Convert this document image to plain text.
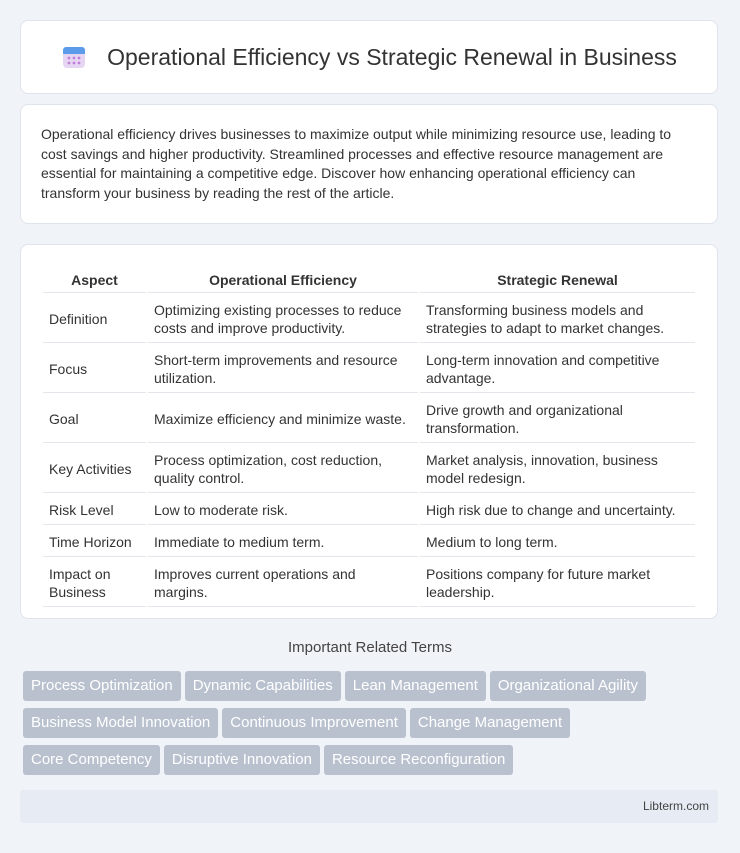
Operational Efficiency vs Strategic Renewal in Business

Operational efficiency drives businesses to maximize output while minimizing resource use, leading to cost savings and higher productivity. Streamlined processes and effective resource management are essential for maintaining a competitive edge. Discover how enhancing operational efficiency can transform your business by reading the rest of the article.

Aspect	Operational Efficiency	Strategic Renewal
Definition	Optimizing existing processes to reduce costs and improve productivity.	Transforming business models and strategies to adapt to market changes.
Focus	Short-term improvements and resource utilization.	Long-term innovation and competitive advantage.
Goal	Maximize efficiency and minimize waste.	Drive growth and organizational transformation.
Key Activities	Process optimization, cost reduction, quality control.	Market analysis, innovation, business model redesign.
Risk Level	Low to moderate risk.	High risk due to change and uncertainty.
Time Horizon	Immediate to medium term.	Medium to long term.
Impact on Business	Improves current operations and margins.	Positions company for future market leadership.
Important Related Terms
Process Optimization Dynamic Capabilities Lean Management Organizational Agility
Business Model Innovation Continuous Improvement Change Management
Core Competency Disruptive Innovation Resource Reconfiguration
Libterm.com
